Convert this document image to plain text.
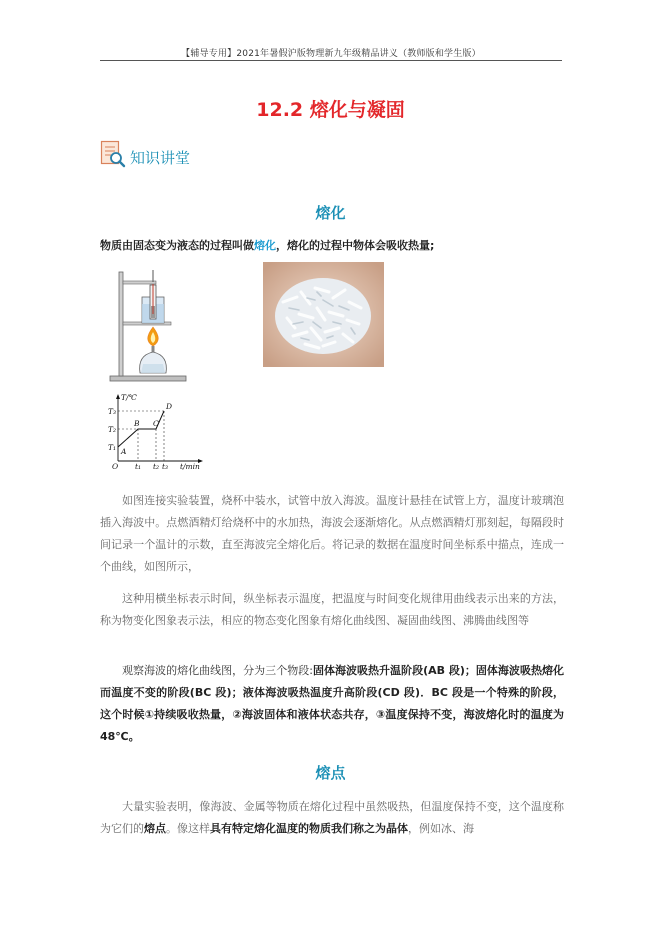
【辅导专用】2021年暑假沪版物理新九年级精品讲义（教师版和学生版）
12.2 熔化与凝固
知识讲堂
熔化
物质由固态变为液态的过程叫做熔化，熔化的过程中物体会吸收热量;
T/℃
t/min
O
T₃
T₂
T₁ A
B C
D
t₁ t₂ t₃

如图连接实验装置，烧杯中装水，试管中放入海波。温度计悬挂在试管上方，温度计玻璃泡插入海波中。点燃酒精灯给烧杯中的水加热，海波会逐渐熔化。从点燃酒精灯那刻起，每隔段时间记录一个温计的示数，直至海波完全熔化后。将记录的数据在温度时间坐标系中描点，连成一个曲线，如图所示，

这种用横坐标表示时间，纵坐标表示温度，把温度与时间变化规律用曲线表示出来的方法，称为物变化图象表示法，相应的物态变化图象有熔化曲线图、凝固曲线图、沸腾曲线图等

观察海波的熔化曲线图，分为三个物段:固体海波吸热升温阶段(AB 段)；固体海波吸热熔化而温度不变的阶段(BC 段)；液体海波吸热温度升高阶段(CD 段)．BC 段是一个特殊的阶段，这个时候①持续吸收热量，②海波固体和液体状态共存，③温度保持不变，海波熔化时的温度为 48℃。

熔点

大量实验表明，像海波、金属等物质在熔化过程中虽然吸热，但温度保持不变，这个温度称为它们的熔点。像这样具有特定熔化温度的物质我们称之为晶体，例如冰、海
